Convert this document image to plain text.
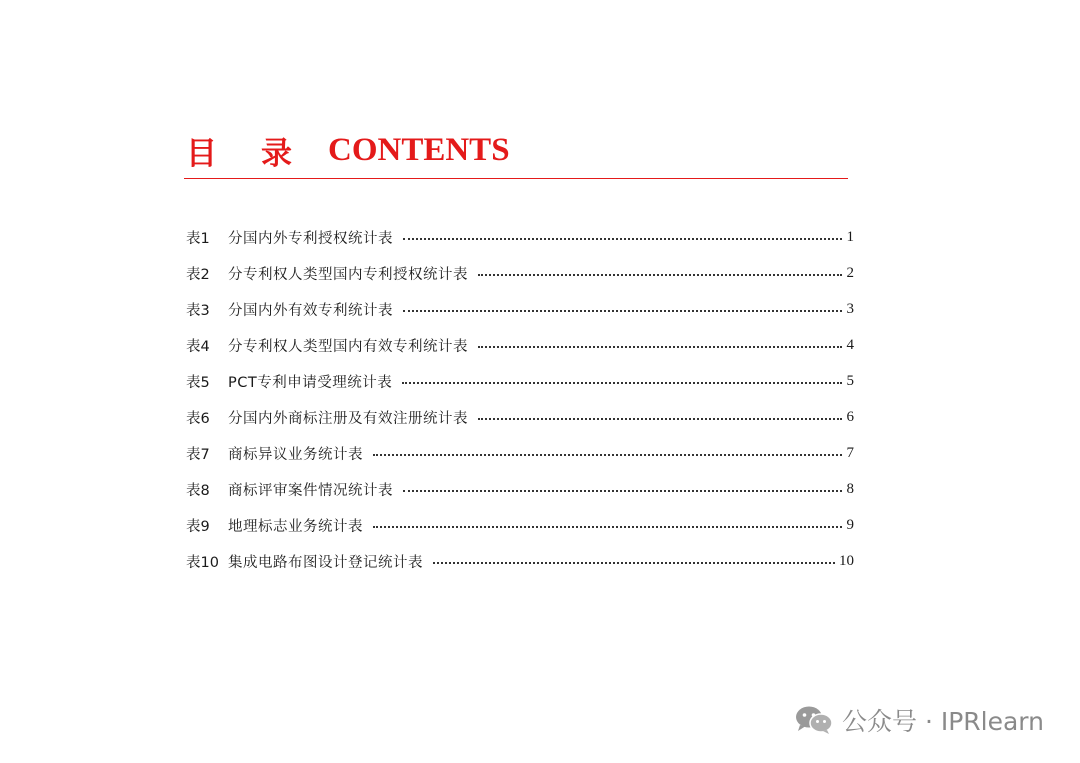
目录
CONTENTS
表1	分国内外专利授权统计表	1
表2	分专利权人类型国内专利授权统计表	2
表3	分国内外有效专利统计表	3
表4	分专利权人类型国内有效专利统计表	4
表5	PCT专利申请受理统计表	5
表6	分国内外商标注册及有效注册统计表	6
表7	商标异议业务统计表	7
表8	商标评审案件情况统计表	8
表9	地理标志业务统计表	9
表10 集成电路布图设计登记统计表	10
公众号 · IPRlearn
